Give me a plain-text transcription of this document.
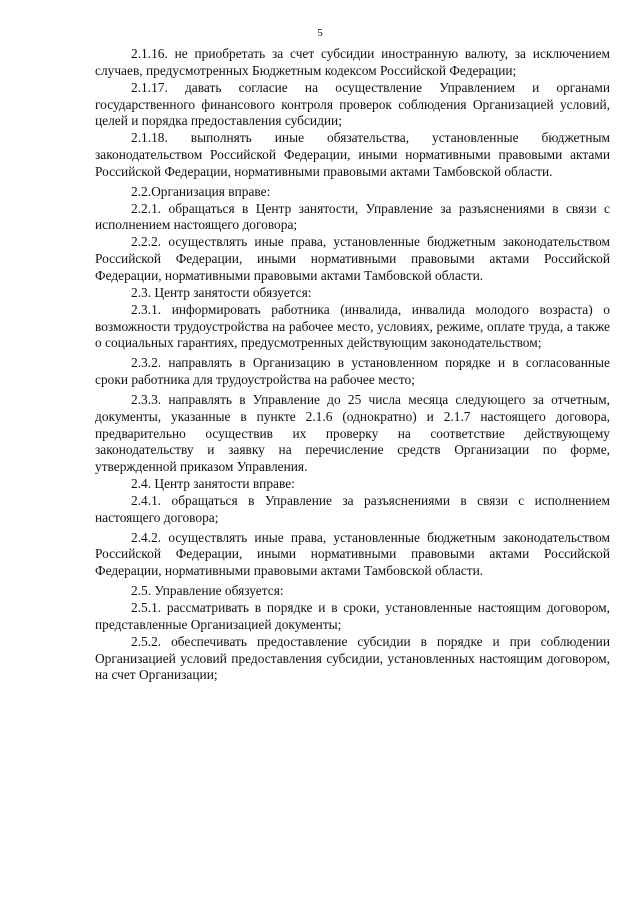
5

2.1.16. не приобретать за счет субсидии иностранную валюту, за исключением случаев, предусмотренных Бюджетным кодексом Российской Федерации;

2.1.17. давать согласие на осуществление Управлением и органами государственного финансового контроля проверок соблюдения Организацией условий, целей и порядка предоставления субсидии;

2.1.18. выполнять иные обязательства, установленные бюджетным законодательством Российской Федерации, иными нормативными правовыми актами Российской Федерации, нормативными правовыми актами Тамбовской области.

2.2.Организация вправе:

2.2.1. обращаться в Центр занятости, Управление за разъяснениями в связи с исполнением настоящего договора;

2.2.2. осуществлять иные права, установленные бюджетным законодательством Российской Федерации, иными нормативными правовыми актами Российской Федерации, нормативными правовыми актами Тамбовской области.

2.3. Центр занятости обязуется:

2.3.1. информировать работника (инвалида, инвалида молодого возраста) о возможности трудоустройства на рабочее место, условиях, режиме, оплате труда, а также о социальных гарантиях, предусмотренных действующим законодательством;

2.3.2. направлять в Организацию в установленном порядке и в согласованные сроки работника для трудоустройства на рабочее место;

2.3.3. направлять в Управление до 25 числа месяца следующего за отчетным, документы, указанные в пункте 2.1.6 (однократно) и 2.1.7 настоящего договора, предварительно осуществив их проверку на соответствие действующему законодательству и заявку на перечисление средств Организации по форме, утвержденной приказом Управления.

2.4. Центр занятости вправе:

2.4.1. обращаться в Управление за разъяснениями в связи с исполнением настоящего договора;

2.4.2. осуществлять иные права, установленные бюджетным законодательством Российской Федерации, иными нормативными правовыми актами Российской Федерации, нормативными правовыми актами Тамбовской области.

2.5. Управление обязуется:

2.5.1. рассматривать в порядке и в сроки, установленные настоящим договором, представленные Организацией документы;

2.5.2. обеспечивать предоставление субсидии в порядке и при соблюдении Организацией условий предоставления субсидии, установленных настоящим договором, на счет Организации;
